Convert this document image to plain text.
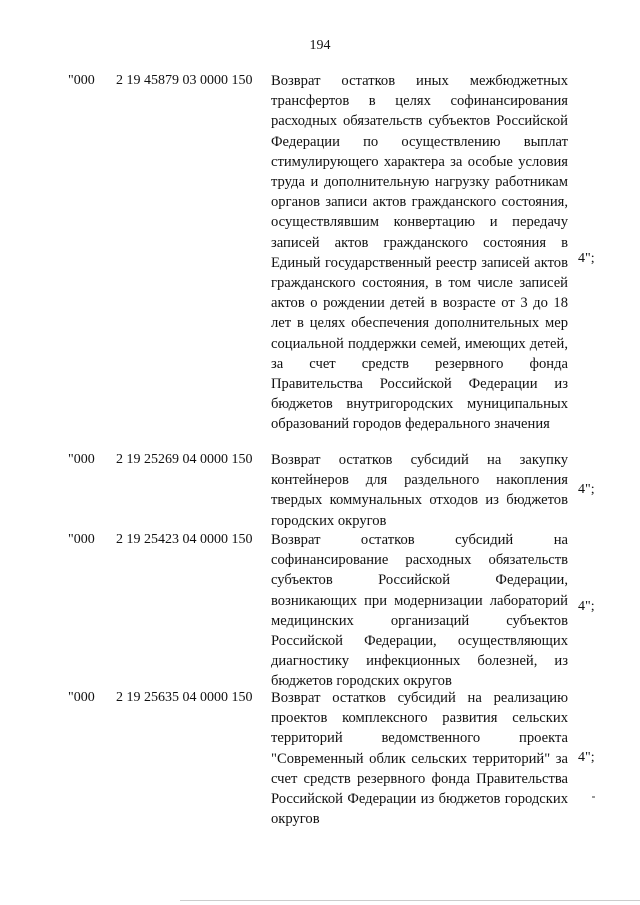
194
"000 2 19 45879 03 0000 150 Возврат остатков иных межбюджетных трансфертов в целях софинансирования расходных обязательств субъектов Российской Федерации по осуществлению выплат стимулирующего характера за особые условия труда и дополнительную нагрузку работникам органов записи актов гражданского состояния, осуществлявшим конвертацию и передачу записей актов гражданского состояния в Единый государственный реестр записей актов гражданского состояния, в том числе записей актов о рождении детей в возрасте от 3 до 18 лет в целях обеспечения дополнительных мер социальной поддержки семей, имеющих детей, за счет средств резервного фонда Правительства Российской Федерации из бюджетов внутригородских муниципальных образований городов федерального значения
4";
"000 2 19 25269 04 0000 150 Возврат остатков субсидий на закупку контейнеров для раздельного накопления твердых коммунальных отходов из бюджетов городских округов
4";
"000 2 19 25423 04 0000 150 Возврат остатков субсидий на софинансирование расходных обязательств субъектов Российской Федерации, возникающих при модернизации лабораторий медицинских организаций субъектов Российской Федерации, осуществляющих диагностику инфекционных болезней, из бюджетов городских округов
4";
"000 2 19 25635 04 0000 150 Возврат остатков субсидий на реализацию проектов комплексного развития сельских территорий ведомственного проекта "Современный облик сельских территорий" за счет средств резервного фонда Правительства Российской Федерации из бюджетов городских округов
4";
